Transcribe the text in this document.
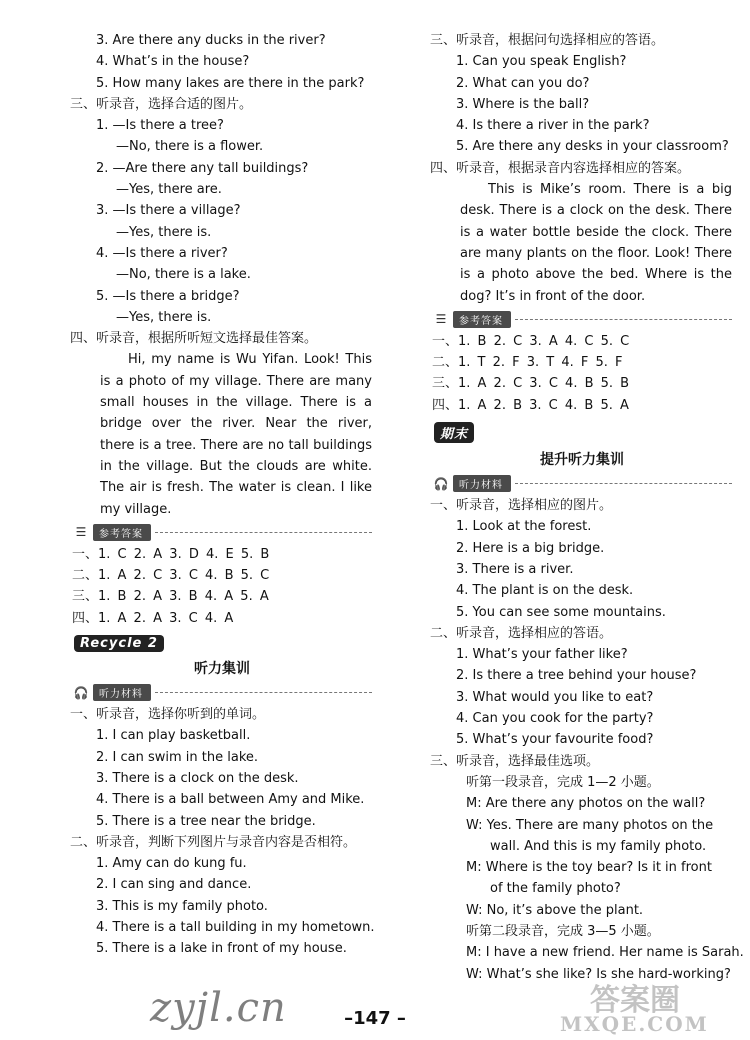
3. Are there any ducks in the river?
4. What’s in the house?
5. How many lakes are there in the park?
三、听录音，选择合适的图片。
1. —Is there a tree?
—No, there is a flower.
2. —Are there any tall buildings?
—Yes, there are.
3. —Is there a village?
—Yes, there is.
4. —Is there a river?
—No, there is a lake.
5. —Is there a bridge?
—Yes, there is.
四、听录音，根据所听短文选择最佳答案。
Hi, my name is Wu Yifan. Look! This is a photo of my village. There are many small houses in the village. There is a bridge over the river. Near the river, there is a tree. There are no tall buildings in the village. But the clouds are white. The air is fresh. The water is clean. I like my village.
☰	参考答案
一、1. C 2. A 3. D 4. E 5. B
二、1. A 2. C 3. C 4. B 5. C
三、1. B 2. A 3. B 4. A 5. A
四、1. A 2. A 3. C 4. A
Recycle 2
听力集训
🎧	听力材料
一、听录音，选择你听到的单词。
1. I can play basketball.
2. I can swim in the lake.
3. There is a clock on the desk.
4. There is a ball between Amy and Mike.
5. There is a tree near the bridge.
二、听录音，判断下列图片与录音内容是否相符。
1. Amy can do kung fu.
2. I can sing and dance.
3. This is my family photo.
4. There is a tall building in my hometown.
5. There is a lake in front of my house.
三、听录音，根据问句选择相应的答语。
1. Can you speak English?
2. What can you do?
3. Where is the ball?
4. Is there a river in the park?
5. Are there any desks in your classroom?
四、听录音，根据录音内容选择相应的答案。
This is Mike’s room. There is a big desk. There is a clock on the desk. There is a water bottle beside the clock. There are many plants on the floor. Look! There is a photo above the bed. Where is the dog? It’s in front of the door.
☰	参考答案
一、1. B 2. C 3. A 4. C 5. C
二、1. T 2. F 3. T 4. F 5. F
三、1. A 2. C 3. C 4. B 5. B
四、1. A 2. B 3. C 4. B 5. A
期末
提升听力集训
🎧	听力材料
一、听录音，选择相应的图片。
1. Look at the forest.
2. Here is a big bridge.
3. There is a river.
4. The plant is on the desk.
5. You can see some mountains.
二、听录音，选择相应的答语。
1. What’s your father like?
2. Is there a tree behind your house?
3. What would you like to eat?
4. Can you cook for the party?
5. What’s your favourite food?
三、听录音，选择最佳选项。
听第一段录音，完成 1—2 小题。
M: Are there any photos on the wall?
W: Yes. There are many photos on the
wall. And this is my family photo.
M: Where is the toy bear? Is it in front
of the family photo?
W: No, it’s above the plant.
听第二段录音，完成 3—5 小题。
M: I have a new friend. Her name is Sarah.
W: What’s she like? Is she hard-working?
–147 –
zyjl.cn	答案圈
MXQE.COM
